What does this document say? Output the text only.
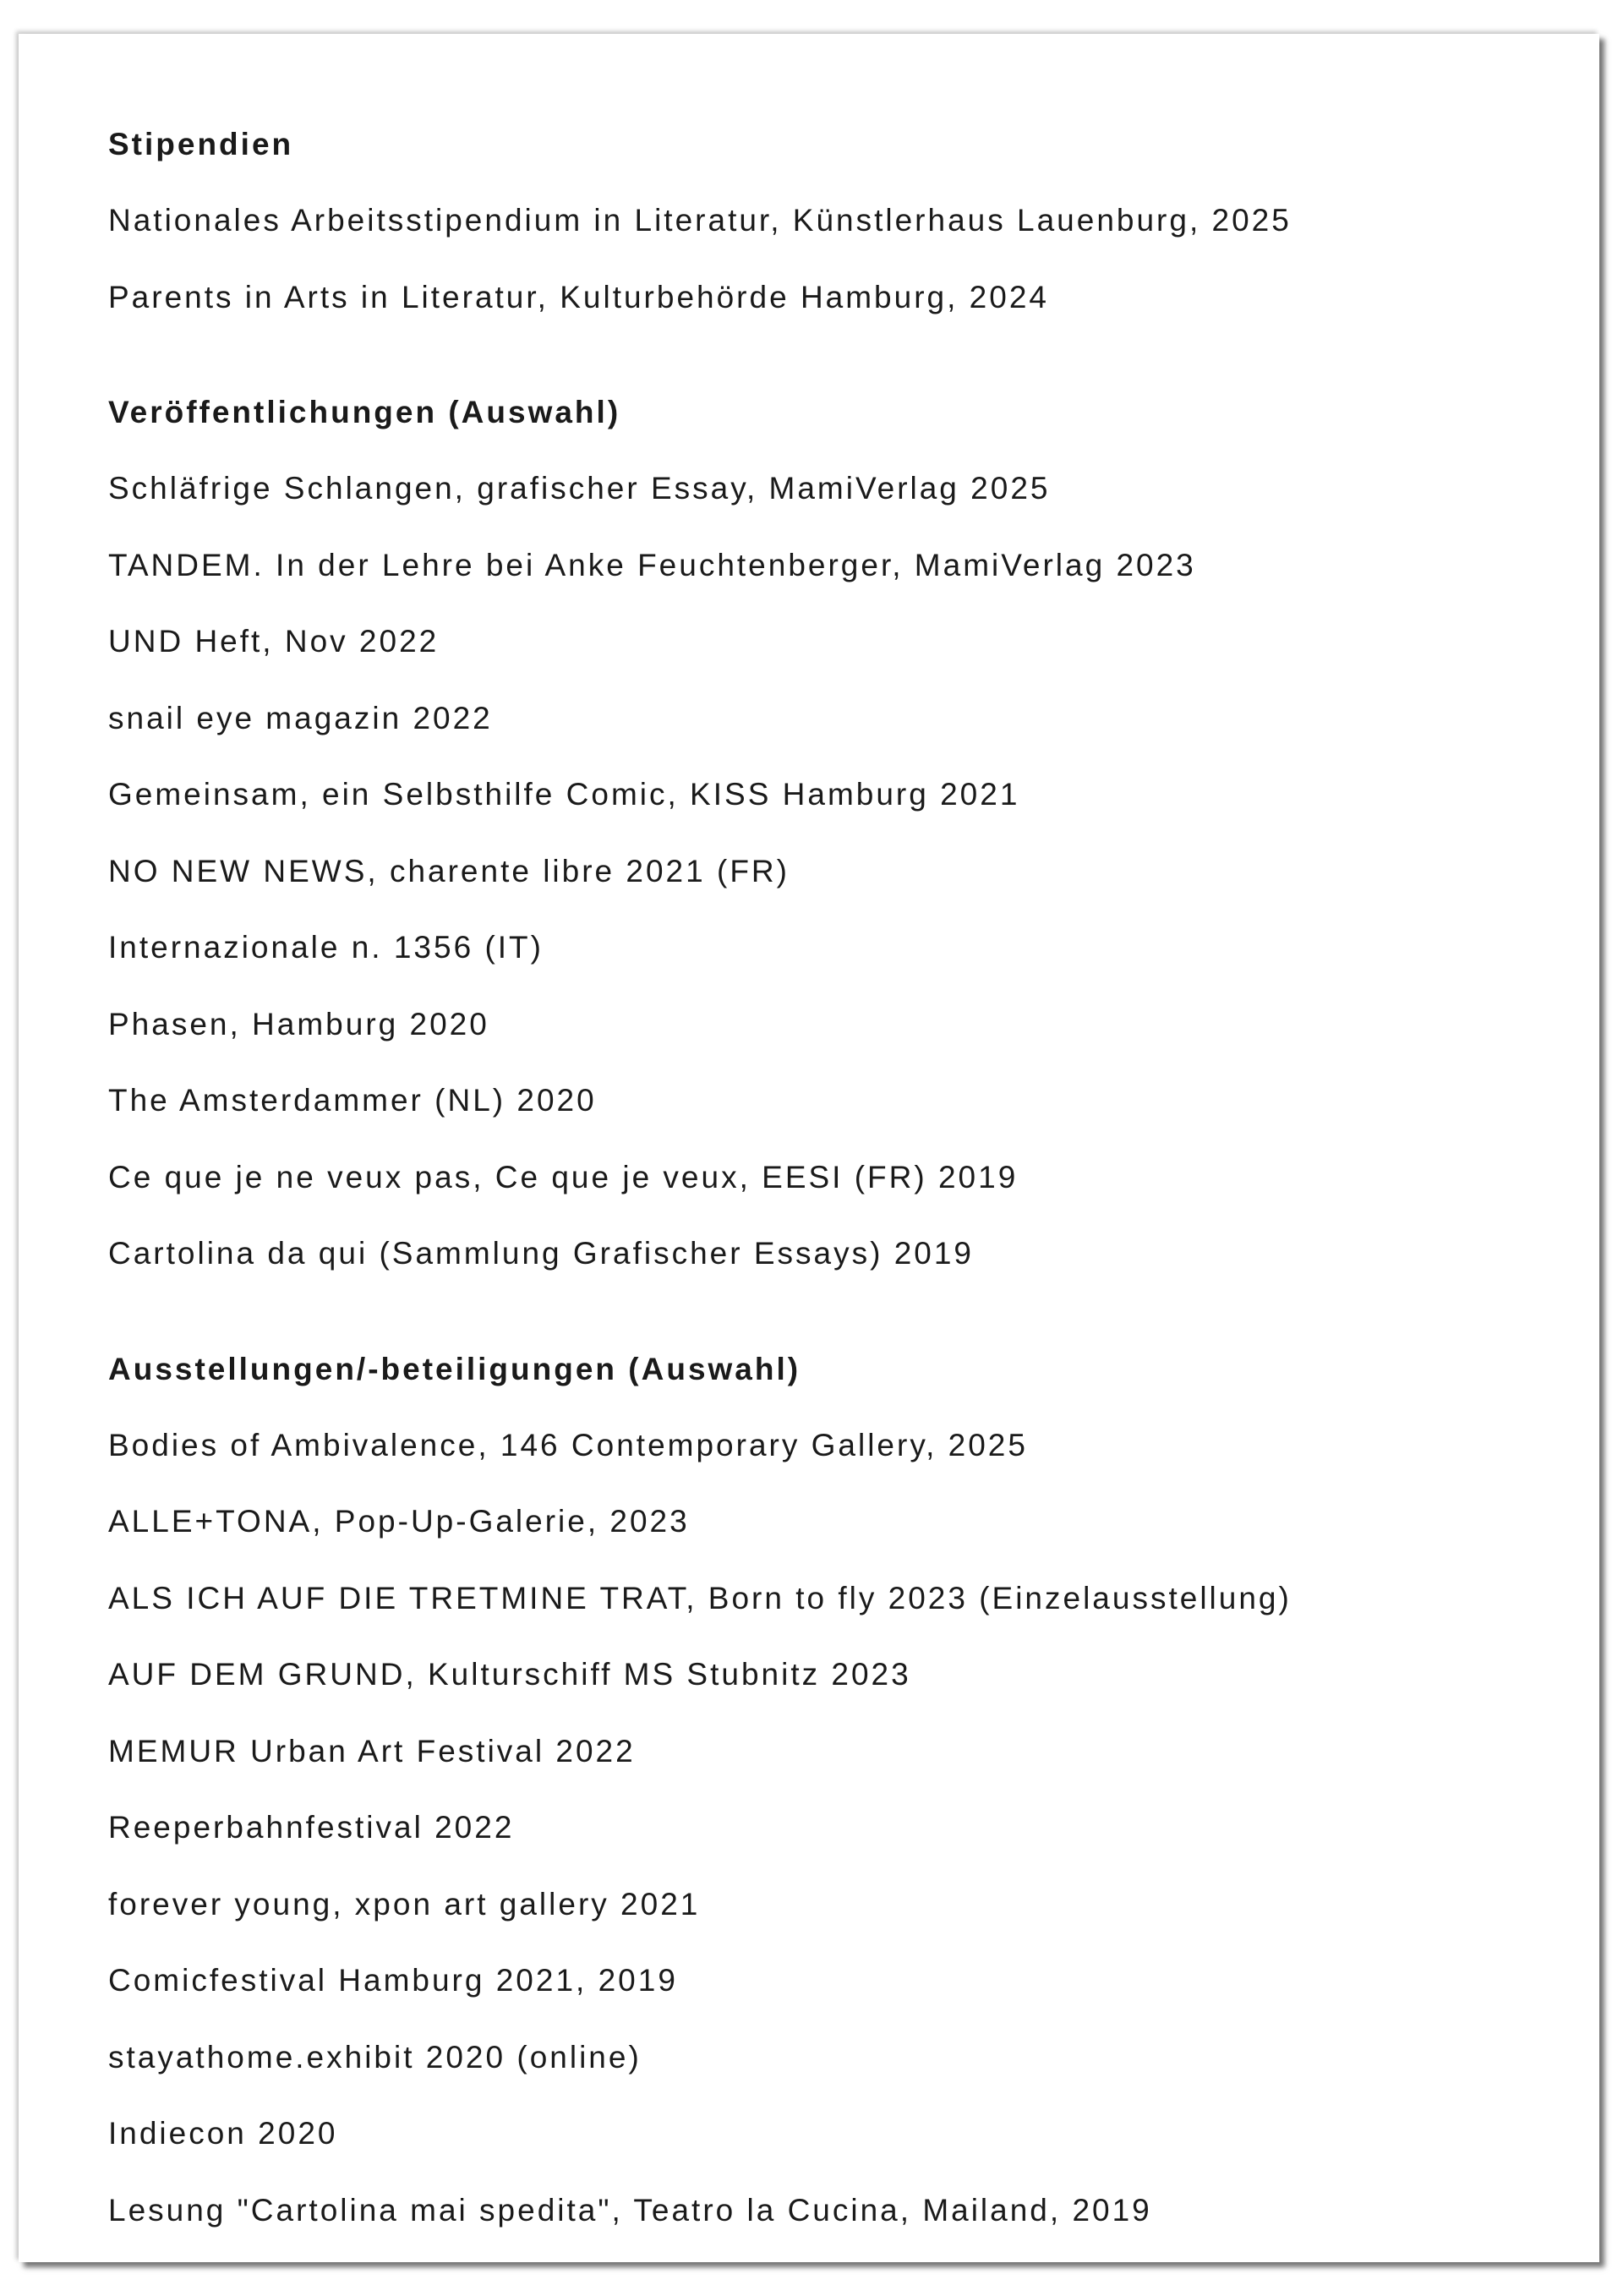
Stipendien
Nationales Arbeitsstipendium in Literatur, Künstlerhaus Lauenburg, 2025
Parents in Arts in Literatur, Kulturbehörde Hamburg, 2024
Veröffentlichungen (Auswahl)
Schläfrige Schlangen, grafischer Essay, MamiVerlag 2025
TANDEM. In der Lehre bei Anke Feuchtenberger, MamiVerlag 2023
UND Heft, Nov 2022
snail eye magazin 2022
Gemeinsam, ein Selbsthilfe Comic, KISS Hamburg 2021
NO NEW NEWS, charente libre 2021 (FR)
Internazionale n. 1356 (IT)
Phasen, Hamburg 2020
The Amsterdammer (NL) 2020
Ce que je ne veux pas, Ce que je veux, EESI (FR) 2019
Cartolina da qui (Sammlung Grafischer Essays) 2019
Ausstellungen/-beteiligungen (Auswahl)
Bodies of Ambivalence, 146 Contemporary Gallery, 2025
ALLE+TONA, Pop-Up-Galerie, 2023
ALS ICH AUF DIE TRETMINE TRAT, Born to fly 2023 (Einzelausstellung)
AUF DEM GRUND, Kulturschiff MS Stubnitz 2023
MEMUR Urban Art Festival 2022
Reeperbahnfestival 2022
forever young, xpon art gallery 2021
Comicfestival Hamburg 2021, 2019
stayathome.exhibit 2020 (online)
Indiecon 2020
Lesung "Cartolina mai spedita", Teatro la Cucina, Mailand, 2019
